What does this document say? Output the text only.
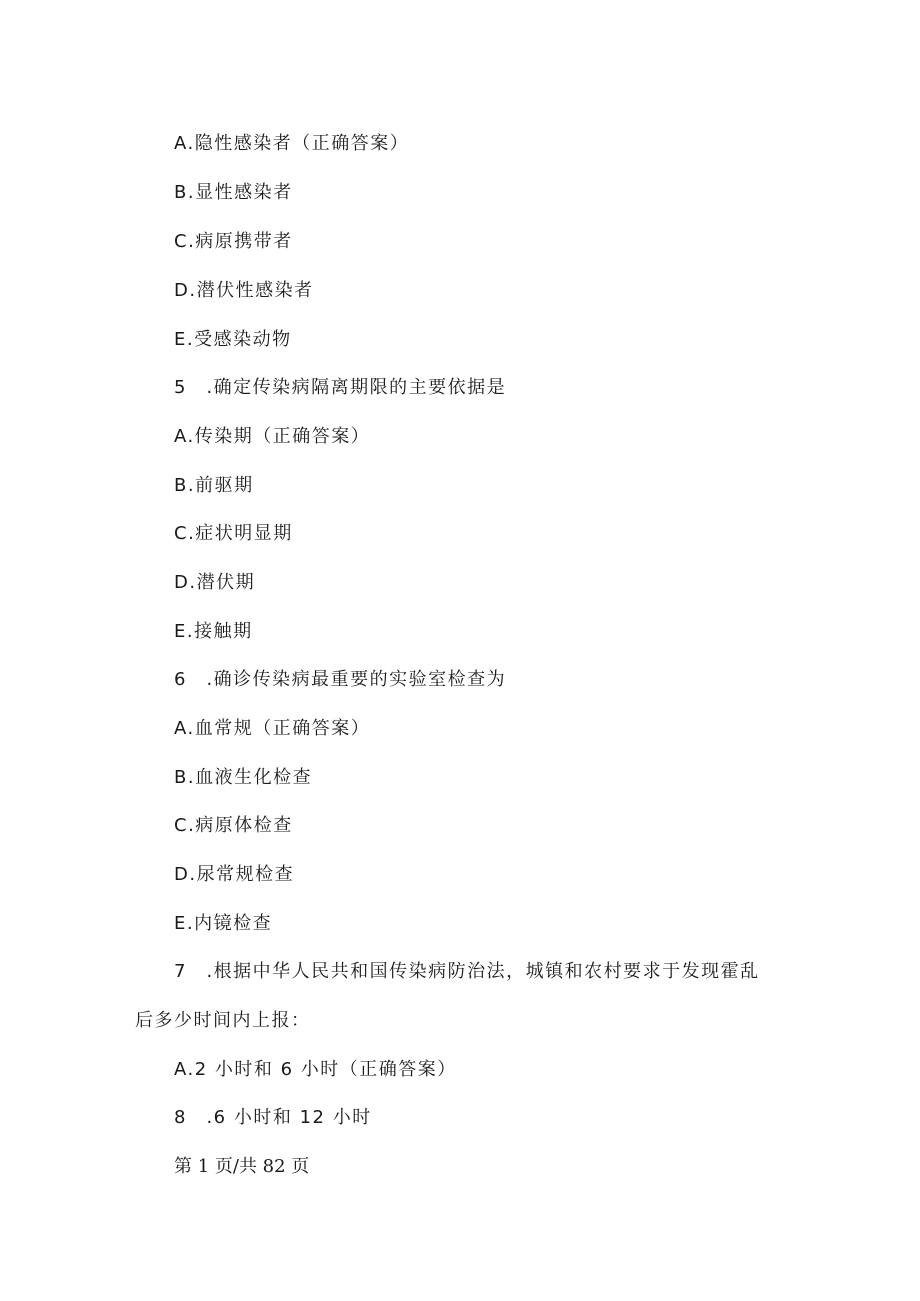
A.隐性感染者（正确答案）
B.显性感染者
C.病原携带者
D.潜伏性感染者
E.受感染动物
5　.确定传染病隔离期限的主要依据是
A.传染期（正确答案）
B.前驱期
C.症状明显期
D.潜伏期
E.接触期
6　.确诊传染病最重要的实验室检查为
A.血常规（正确答案）
B.血液生化检查
C.病原体检查
D.尿常规检查
E.内镜检查
7　.根据中华人民共和国传染病防治法，城镇和农村要求于发现霍乱
后多少时间内上报：
A.2 小时和 6 小时（正确答案）
8　.6 小时和 12 小时
第 1 页/共 82 页
